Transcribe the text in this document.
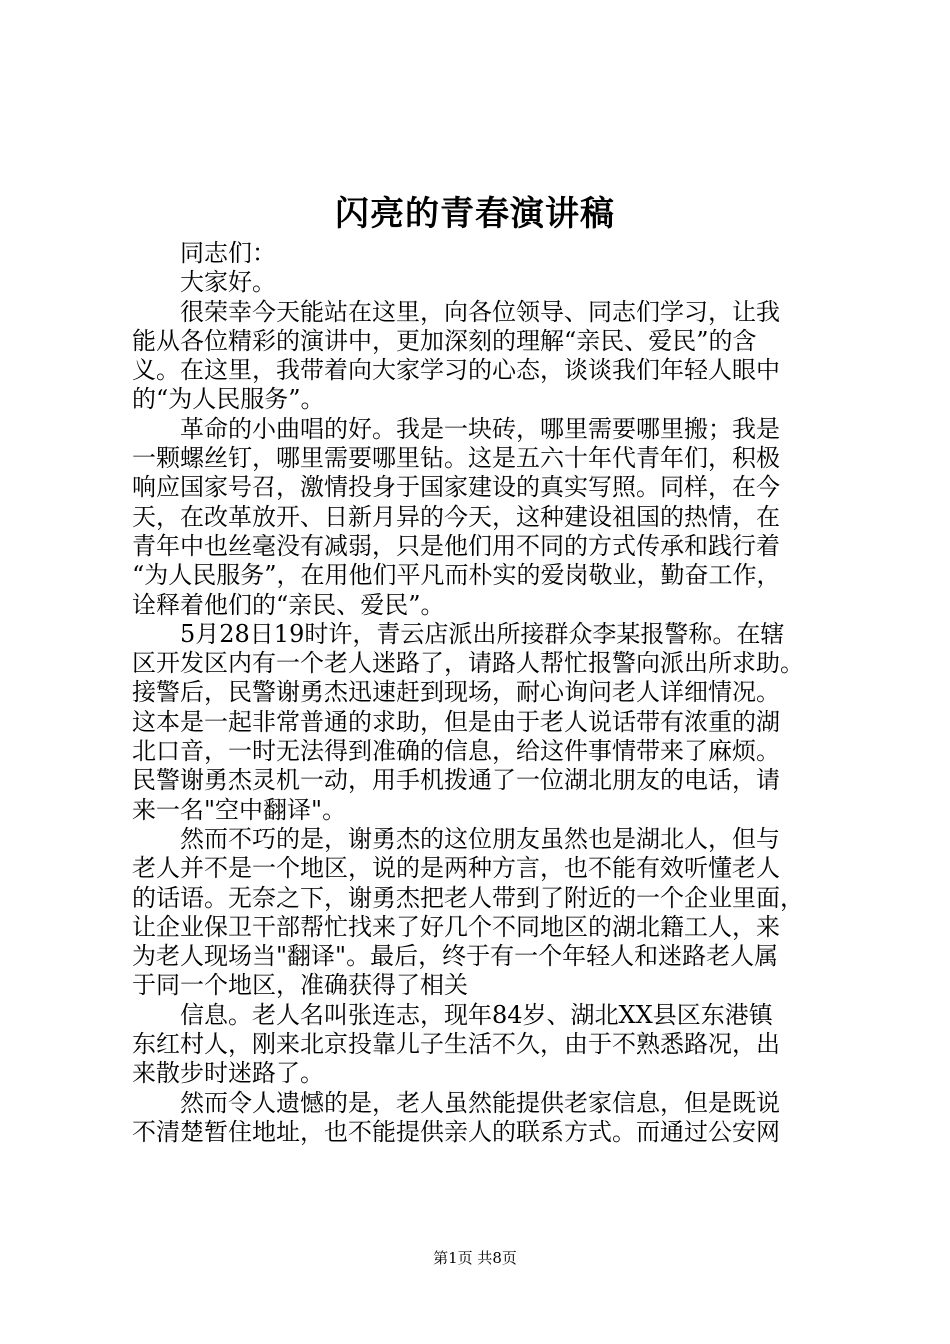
闪亮的青春演讲稿
　　同志们：
　　大家好。
　　很荣幸今天能站在这里，向各位领导、同志们学习，让我
能从各位精彩的演讲中，更加深刻的理解“亲民、爱民”的含
义。在这里，我带着向大家学习的心态，谈谈我们年轻人眼中
的“为人民服务”。
　　革命的小曲唱的好。我是一块砖，哪里需要哪里搬；我是
一颗螺丝钉，哪里需要哪里钻。这是五六十年代青年们，积极
响应国家号召，激情投身于国家建设的真实写照。同样，在今
天，在改革放开、日新月异的今天，这种建设祖国的热情，在
青年中也丝毫没有减弱，只是他们用不同的方式传承和践行着
“为人民服务”，在用他们平凡而朴实的爱岗敬业，勤奋工作，
诠释着他们的“亲民、爱民”。
　　5月28日19时许，青云店派出所接群众李某报警称。在辖
区开发区内有一个老人迷路了，请路人帮忙报警向派出所求助。
接警后，民警谢勇杰迅速赶到现场，耐心询问老人详细情况。
这本是一起非常普通的求助，但是由于老人说话带有浓重的湖
北口音，一时无法得到准确的信息，给这件事情带来了麻烦。
民警谢勇杰灵机一动，用手机拨通了一位湖北朋友的电话，请
来一名"空中翻译"。
　　然而不巧的是，谢勇杰的这位朋友虽然也是湖北人，但与
老人并不是一个地区，说的是两种方言，也不能有效听懂老人
的话语。无奈之下，谢勇杰把老人带到了附近的一个企业里面，
让企业保卫干部帮忙找来了好几个不同地区的湖北籍工人，来
为老人现场当"翻译"。最后，终于有一个年轻人和迷路老人属
于同一个地区，准确获得了相关
　　信息。老人名叫张连志，现年84岁、湖北XX县区东港镇
东红村人，刚来北京投靠儿子生活不久，由于不熟悉路况，出
来散步时迷路了。
　　然而令人遗憾的是，老人虽然能提供老家信息，但是既说
不清楚暂住地址，也不能提供亲人的联系方式。而通过公安网
第1页 共8页
